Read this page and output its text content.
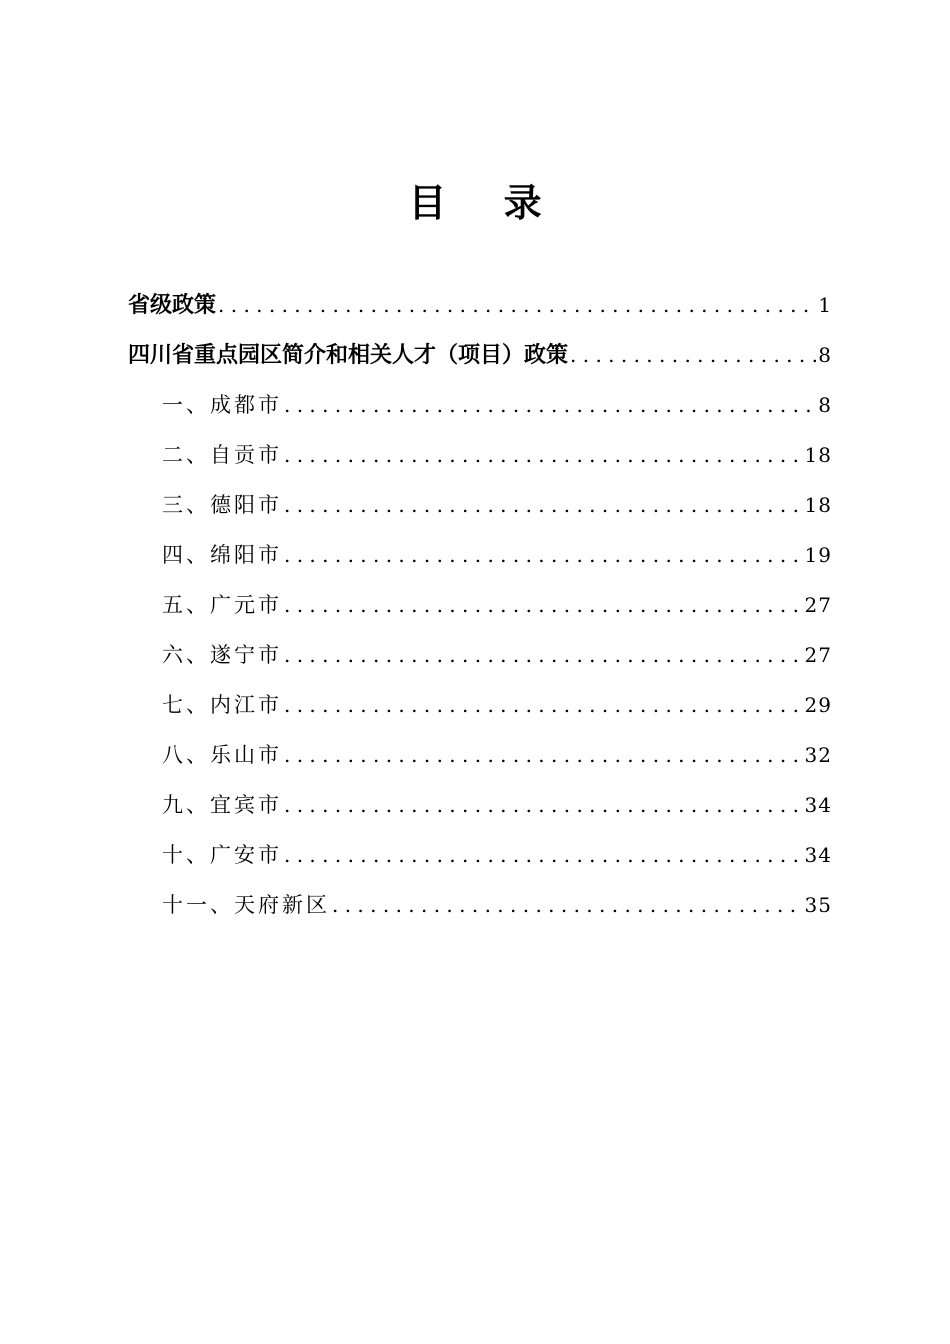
目 录
省级政策 . . .	1
四川省重点园区简介和相关人才（项目）政策 . . .	8
一、成都市 . . .	8
二、自贡市 . . .	18
三、德阳市 . . .	18
四、绵阳市 . . .	19
五、广元市 . . .	27
六、遂宁市 . . .	27
七、内江市 . . .	29
八、乐山市 . . .	32
九、宜宾市 . . .	34
十、广安市 . . .	34
十一、天府新区 . . .	35
